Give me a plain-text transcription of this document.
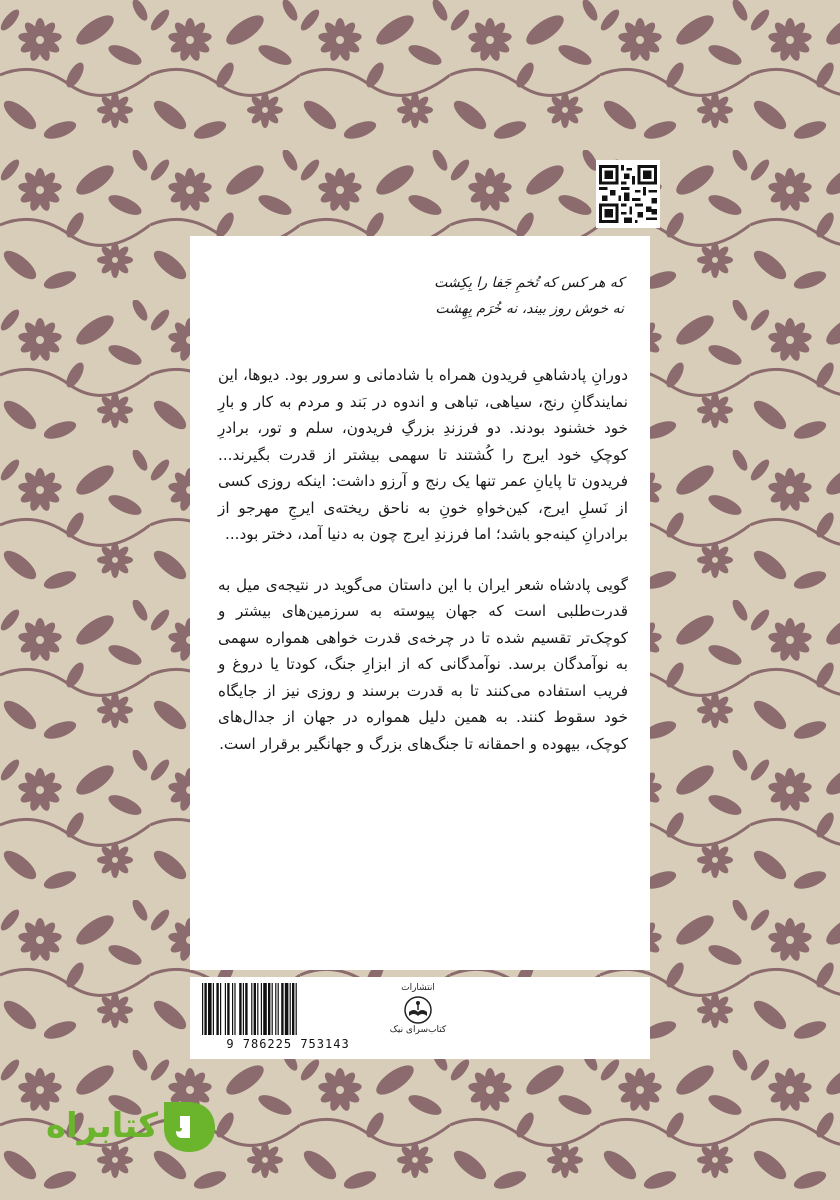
که هر کس که تُخمِ جَفا را بِکِشت
نه خوش روز بیند، نه خُرَم بِهِشت

دورانِ پادشاهیِ فریدون همراه با شادمانی و سرور بود. دیوها، این نمایندگانِ رنج، سیاهی، تباهی و اندوه در بَند و مردم به کار و بارِ خود خشنود بودند. دو فرزندِ بزرگِ فریدون، سلم و تور، برادرِ کوچکِ خود ایرج را کُشتند تا سهمی بیشتر از قدرت بگیرند... فریدون تا پایانِ عمر تنها یک رنج و آرزو داشت: اینکه روزی کسی از نَسلِ ایرج، کین‌خواهِ خونِ به ناحق ریخته‌ی ایرجِ مهرجو از برادرانِ کینه‌جو باشد؛ اما فرزندِ ایرج چون به دنیا آمد، دختر بود...

گویی پادشاه شعر ایران با این داستان می‌گوید در نتیجه‌ی میل به قدرت‌طلبی است که جهان پیوسته به سرزمین‌های بیشتر و کوچک‌تر تقسیم شده تا در چرخه‌ی قدرت خواهی همواره سهمی به نوآمدگان برسد. نوآمدگانی که از ابزارِ جنگ، کودتا یا دروغ و فریب استفاده می‌کنند تا به قدرت برسند و روزی نیز از جایگاه خود سقوط کنند. به همین دلیل همواره در جهان از جدال‌های کوچک، بیهوده و احمقانه تا جنگ‌های بزرگ و جهانگیر برقرار است.

9 786225 753143
انتشارات
کتاب‌سرای نیک
کتابراه
